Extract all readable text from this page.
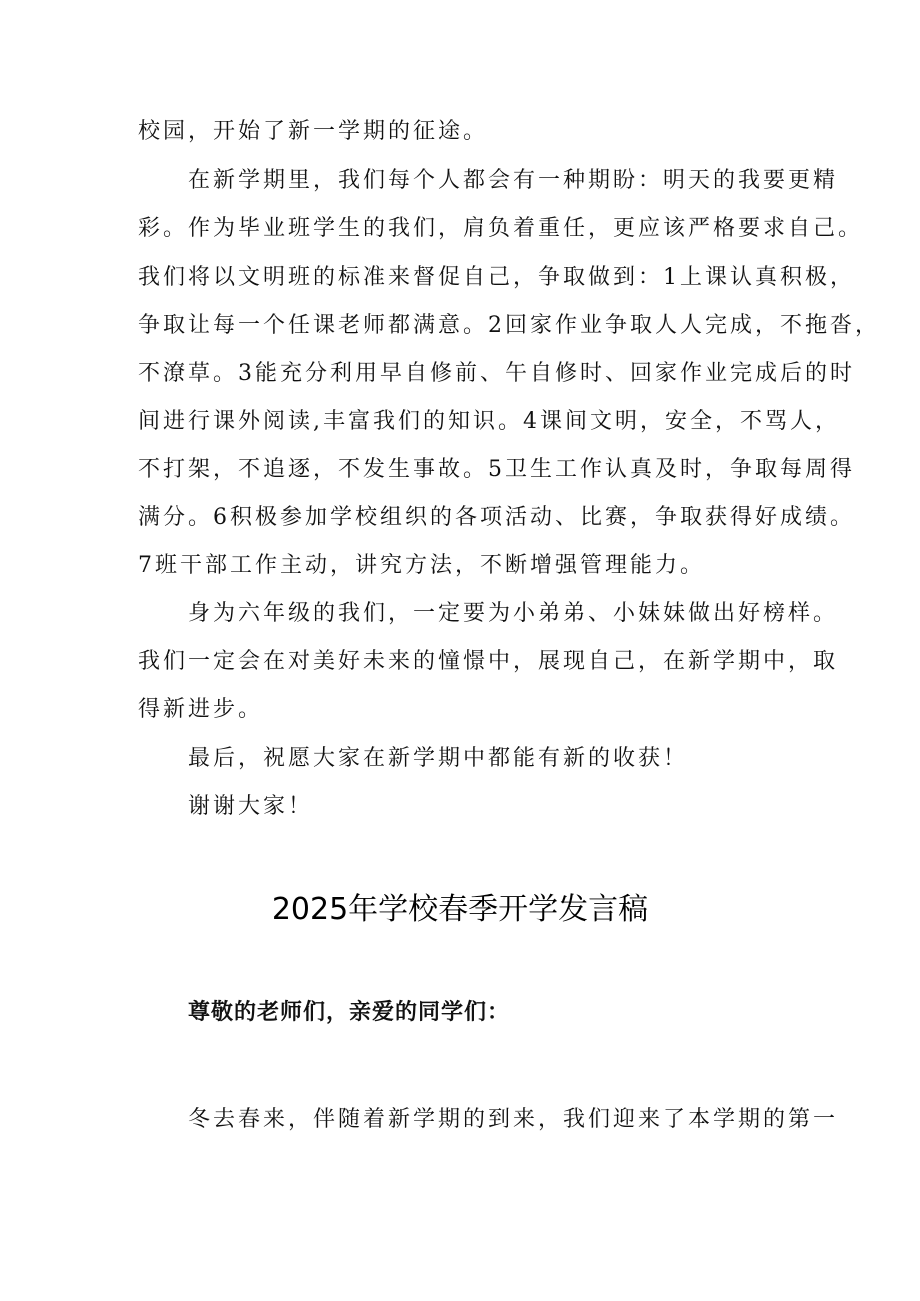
校园，开始了新一学期的征途。
在新学期里，我们每个人都会有一种期盼：明天的我要更精
彩。作为毕业班学生的我们，肩负着重任，更应该严格要求自己。
我们将以文明班的标准来督促自己，争取做到：1上课认真积极，
争取让每一个任课老师都满意。2回家作业争取人人完成，不拖沓，
不潦草。3能充分利用早自修前、午自修时、回家作业完成后的时
间进行课外阅读,丰富我们的知识。4课间文明，安全，不骂人，
不打架，不追逐，不发生事故。5卫生工作认真及时，争取每周得
满分。6积极参加学校组织的各项活动、比赛，争取获得好成绩。
7班干部工作主动，讲究方法，不断增强管理能力。
身为六年级的我们，一定要为小弟弟、小妹妹做出好榜样。
我们一定会在对美好未来的憧憬中，展现自己，在新学期中，取
得新进步。
最后，祝愿大家在新学期中都能有新的收获！
谢谢大家！
2025年学校春季开学发言稿
尊敬的老师们，亲爱的同学们：
冬去春来，伴随着新学期的到来，我们迎来了本学期的第一
